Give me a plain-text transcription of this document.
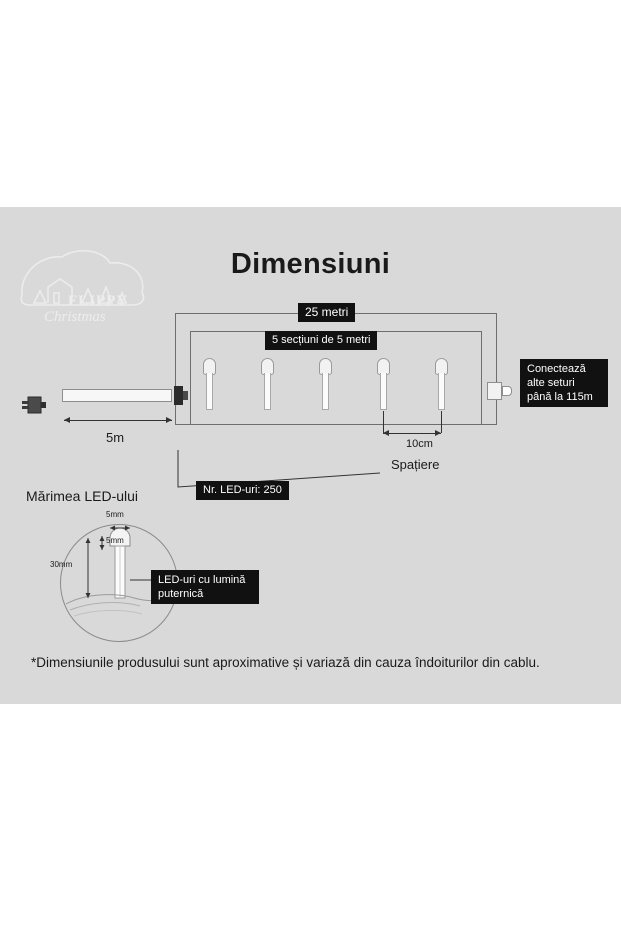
FLIPPY
Christmas
Dimensiuni
25 metri
5 secțiuni de 5 metri
5m
Conectează
alte seturi
până la 115m
10cm
Spațiere
Nr. LED-uri: 250
Mărimea LED-ului
5mm
5mm
30mm
LED-uri cu lumină
puternică
*Dimensiunile produsului sunt aproximative și variază din cauza îndoiturilor din cablu.
